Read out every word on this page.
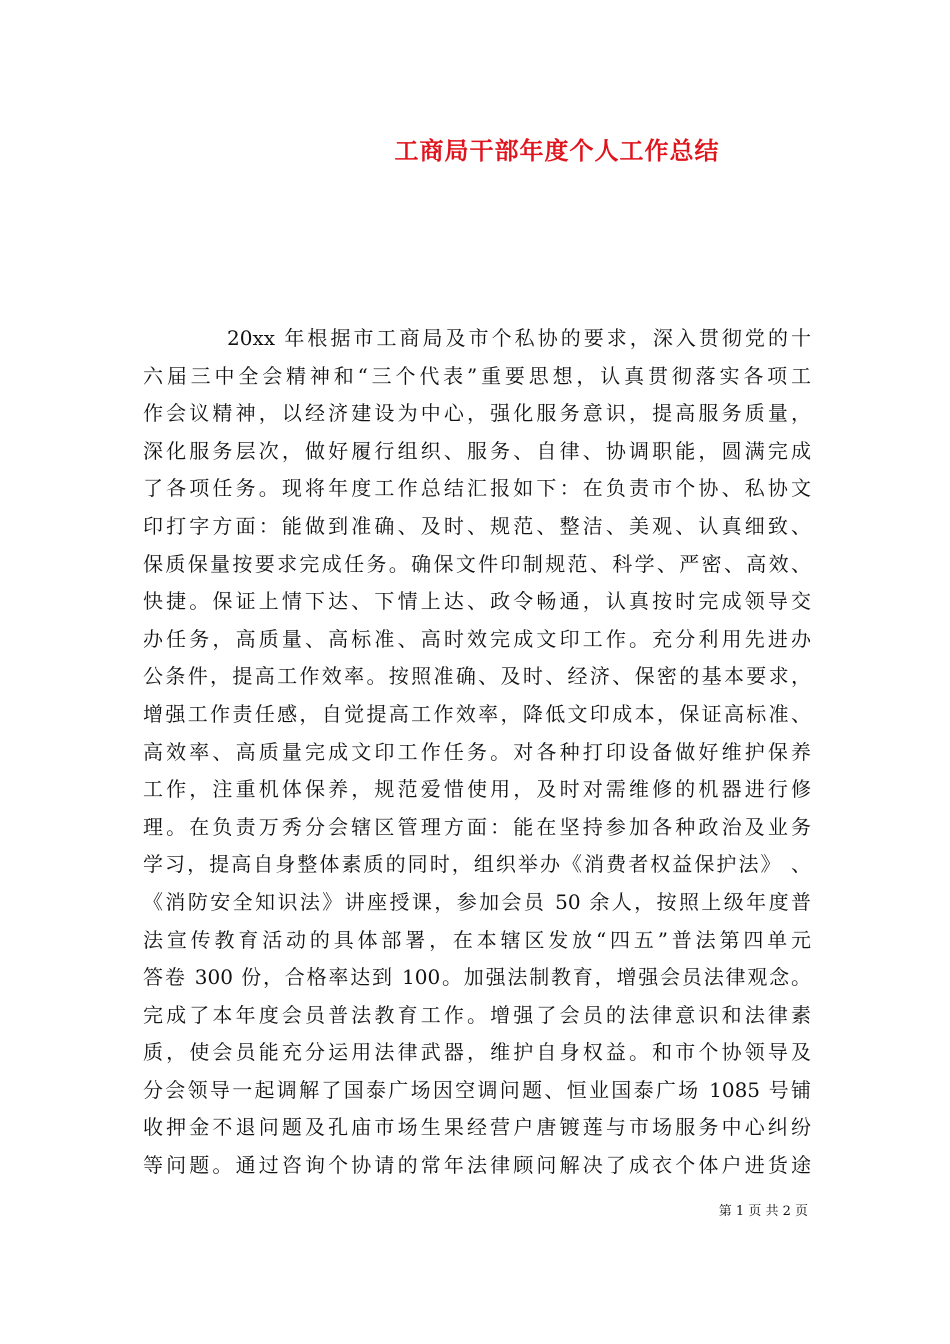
工商局干部年度个人工作总结
20xx 年根据市工商局及市个私协的要求，深入贯彻党的十
六届三中全会精神和“三个代表”重要思想，认真贯彻落实各项工
作会议精神，以经济建设为中心，强化服务意识，提高服务质量，
深化服务层次，做好履行组织、服务、自律、协调职能，圆满完成
了各项任务。现将年度工作总结汇报如下：在负责市个协、私协文
印打字方面：能做到准确、及时、规范、整洁、美观、认真细致、
保质保量按要求完成任务。确保文件印制规范、科学、严密、高效、
快捷。保证上情下达、下情上达、政令畅通，认真按时完成领导交
办任务，高质量、高标准、高时效完成文印工作。充分利用先进办
公条件，提高工作效率。按照准确、及时、经济、保密的基本要求，
增强工作责任感，自觉提高工作效率，降低文印成本，保证高标准、
高效率、高质量完成文印工作任务。对各种打印设备做好维护保养
工作，注重机体保养，规范爱惜使用，及时对需维修的机器进行修
理。在负责万秀分会辖区管理方面：能在坚持参加各种政治及业务
学习，提高自身整体素质的同时，组织举办《消费者权益保护法》 、
《消防安全知识法》讲座授课，参加会员 50 余人，按照上级年度普
法宣传教育活动的具体部署，在本辖区发放“四五”普法第四单元
答卷 300 份，合格率达到 100。加强法制教育，增强会员法律观念。
完成了本年度会员普法教育工作。增强了会员的法律意识和法律素
质，使会员能充分运用法律武器，维护自身权益。和市个协领导及
分会领导一起调解了国泰广场因空调问题、恒业国泰广场 1085 号铺
收押金不退问题及孔庙市场生果经营户唐镀莲与市场服务中心纠纷
等问题。通过咨询个协请的常年法律顾问解决了成衣个体户进货途
第 1 页 共 2 页
